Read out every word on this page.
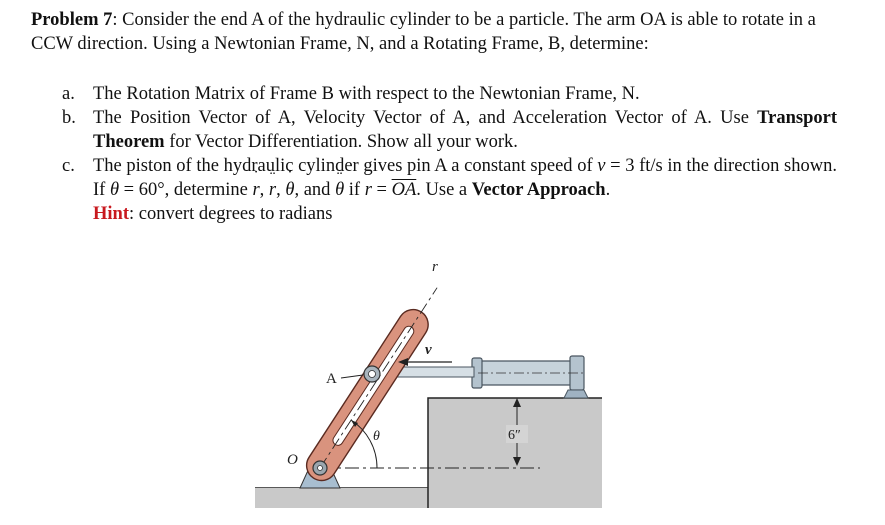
Problem 7: Consider the end A of the hydraulic cylinder to be a particle. The arm OA is able to rotate in a CCW direction. Using a Newtonian Frame, N, and a Rotating Frame, B, determine:
a. The Rotation Matrix of Frame B with respect to the Newtonian Frame, N.
b. The Position Vector of A, Velocity Vector of A, and Acceleration Vector of A. Use Transport Theorem for Vector Differentiation. Show all your work.
c. The piston of the hydraulic cylinder gives pin A a constant speed of v = 3 ft/s in the direction shown. If θ = 60°, determine r ˙, r ¨, θ ˙, and θ ¨ if $r = \overline{OA}$. Use a Vector Approach.
Hint: convert degrees to radians
r
v
A
θ
O
6″
